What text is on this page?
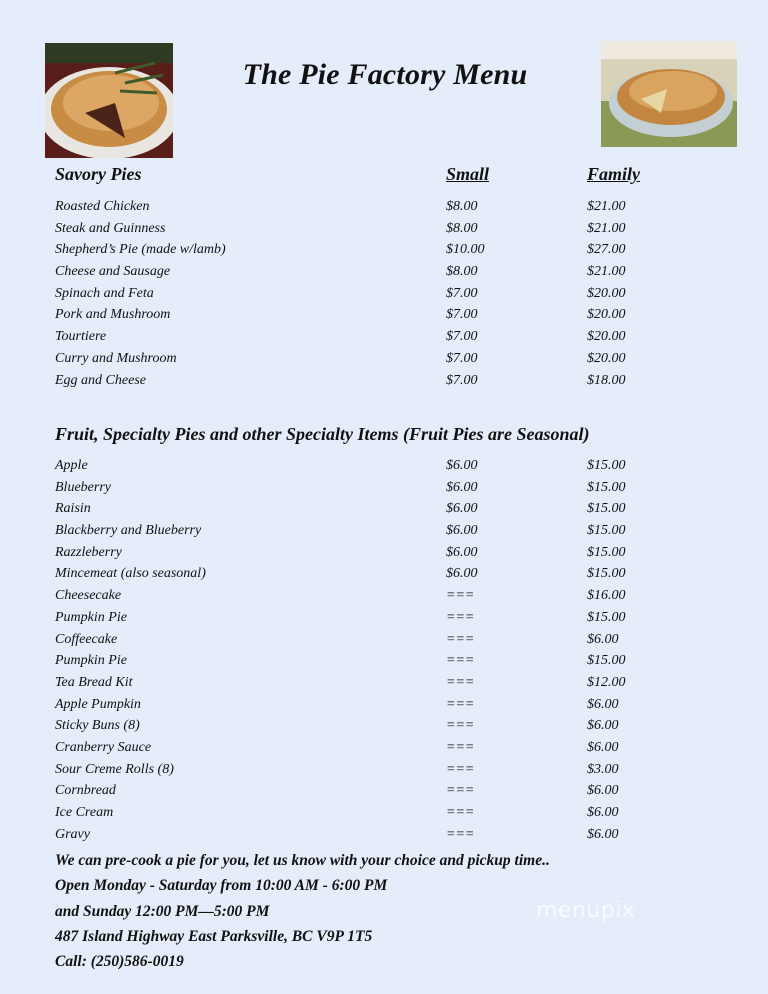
The Pie Factory Menu
Savory Pies	Small	Family
Roasted Chicken	$8.00	$21.00
Steak and Guinness	$8.00	$21.00
Shepherd’s Pie (made w/lamb)	$10.00	$27.00
Cheese and Sausage	$8.00	$21.00
Spinach and Feta	$7.00	$20.00
Pork and Mushroom	$7.00	$20.00
Tourtiere	$7.00	$20.00
Curry and Mushroom	$7.00	$20.00
Egg and Cheese	$7.00	$18.00
Fruit, Specialty Pies and other Specialty Items (Fruit Pies are Seasonal)
Apple	$6.00	$15.00
Blueberry	$6.00	$15.00
Raisin	$6.00	$15.00
Blackberry and Blueberry	$6.00	$15.00
Razzleberry	$6.00	$15.00
Mincemeat (also seasonal)	$6.00	$15.00
Cheesecake	===	$16.00
Pumpkin Pie	===	$15.00
Coffeecake	===	$6.00
Pumpkin Pie	===	$15.00
Tea Bread Kit	===	$12.00
Apple Pumpkin	===	$6.00
Sticky Buns (8)	===	$6.00
Cranberry Sauce	===	$6.00
Sour Creme Rolls (8)	===	$3.00
Cornbread	===	$6.00
Ice Cream	===	$6.00
Gravy	===	$6.00
We can pre-cook a pie for you, let us know with your choice and pickup time..
Open Monday - Saturday from 10:00 AM - 6:00 PM
and Sunday 12:00 PM—5:00 PM
487 Island Highway East Parksville, BC V9P 1T5
Call: (250)586-0019
menupix
